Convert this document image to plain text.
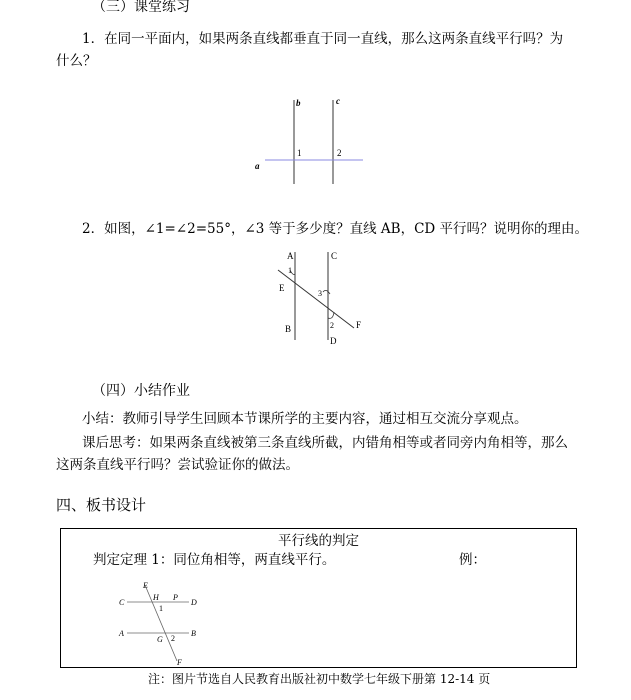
（三）课堂练习
1．在同一平面内，如果两条直线都垂直于同一直线，那么这两条直线平行吗？为
什么？
b	c
a
1	2
2．如图，∠1=∠2=55°，∠3 等于多少度？直线 AB，CD 平行吗？说明你的理由。
A	C
E
1
3
2
B	F
D
（四）小结作业
小结：教师引导学生回顾本节课所学的主要内容，通过相互交流分享观点。
课后思考：如果两条直线被第三条直线所截，内错角相等或者同旁内角相等，那么
这两条直线平行吗？尝试验证你的做法。
四、板书设计
平行线的判定
判定定理 1：同位角相等，两直线平行。	例：
E
C
H P
D
1
A
G 2
B
F
注：图片节选自人民教育出版社初中数学七年级下册第 12-14 页
